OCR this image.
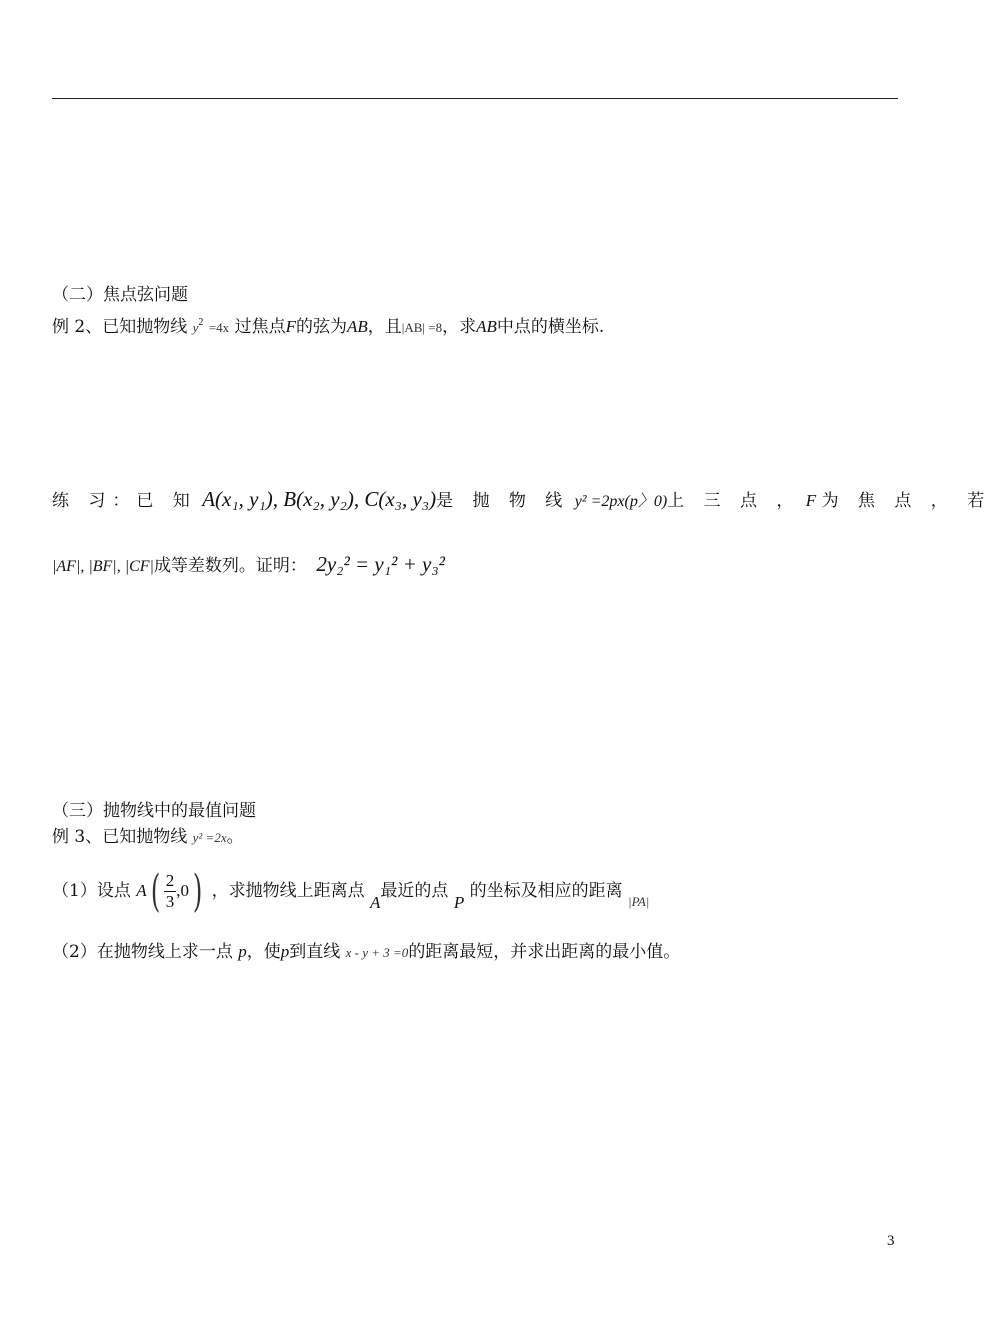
（二）焦点弦问题
例 2、已知抛物线 $y^2 =4x$ 过焦点F的弦为AB，且|AB| =8，求AB中点的横坐标.
练 习：已 知 A(x₁, y₁), B(x₂, y₂), C(x₃, y₃)是 抛 物 线 y² =2px(p〉0)上 三 点 ， F 为 焦 点 ， 若
|AF|, |BF|, |CF|成等差数列。证明： 2y₂² = y₁² + y₃²
（三）抛物线中的最值问题
例 3、已知抛物线 y² =2x。
（1）设点 $A( \frac{2}{3} ,0)$ ，求抛物线上距离点 A最近的点 P 的坐标及相应的距离 $_{|PA|}$
（2）在抛物线上求一点 p，使p到直线 x - y + 3 =0的距离最短，并求出距离的最小值。
3
